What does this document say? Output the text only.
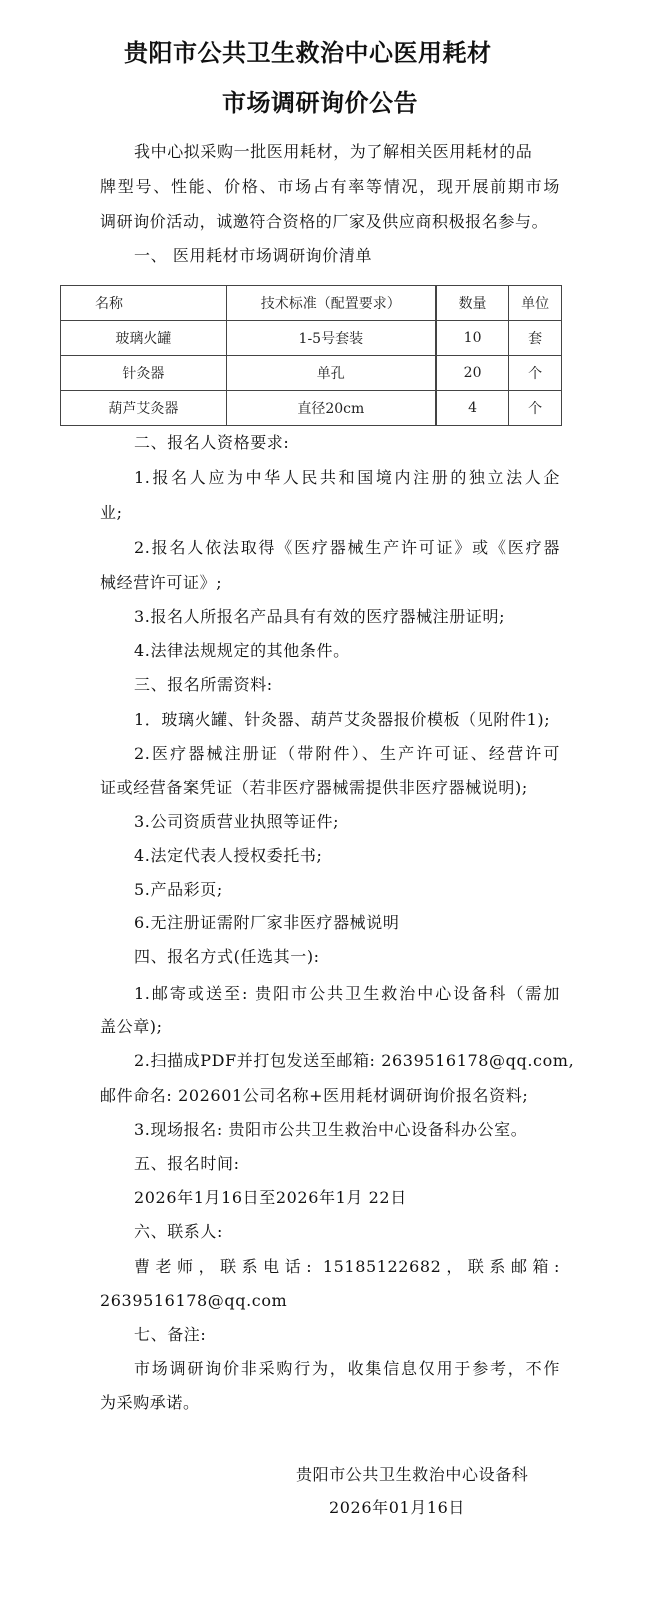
贵阳市公共卫生救治中心医用耗材
市场调研询价公告
我中心拟采购一批医用耗材，为了解相关医用耗材的品
牌型号、性能、价格、市场占有率等情况，现开展前期市场
调研询价活动，诚邀符合资格的厂家及供应商积极报名参与。
一、 医用耗材市场调研询价清单
名称	技术标准（配置要求）	数量	单位
玻璃火罐	1-5号套装	10	套
针灸器	单孔	20	个
葫芦艾灸器	直径20cm	4	个
二、报名人资格要求:
1.报名人应为中华人民共和国境内注册的独立法人企
业;
2.报名人依法取得《医疗器械生产许可证》或《医疗器
械经营许可证》;
3.报名人所报名产品具有有效的医疗器械注册证明;
4.法律法规规定的其他条件。
三、报名所需资料:
1．玻璃火罐、针灸器、葫芦艾灸器报价模板（见附件1);
2.医疗器械注册证（带附件）、生产许可证、经营许可
证或经营备案凭证（若非医疗器械需提供非医疗器械说明);
3.公司资质营业执照等证件;
4.法定代表人授权委托书;
5.产品彩页;
6.无注册证需附厂家非医疗器械说明
四、报名方式(任选其一):
1.邮寄或送至: 贵阳市公共卫生救治中心设备科（需加
盖公章);
2.扫描成PDF并打包发送至邮箱: 2639516178@qq.com,
邮件命名: 202601公司名称+医用耗材调研询价报名资料;
3.现场报名: 贵阳市公共卫生救治中心设备科办公室。
五、报名时间:
2026年1月16日至2026年1月 22日
六、联系人:
曹老师，联系电话: 15185122682，联系邮箱:
2639516178@qq.com
七、备注:
市场调研询价非采购行为，收集信息仅用于参考，不作
为采购承诺。
贵阳市公共卫生救治中心设备科
2026年01月16日
